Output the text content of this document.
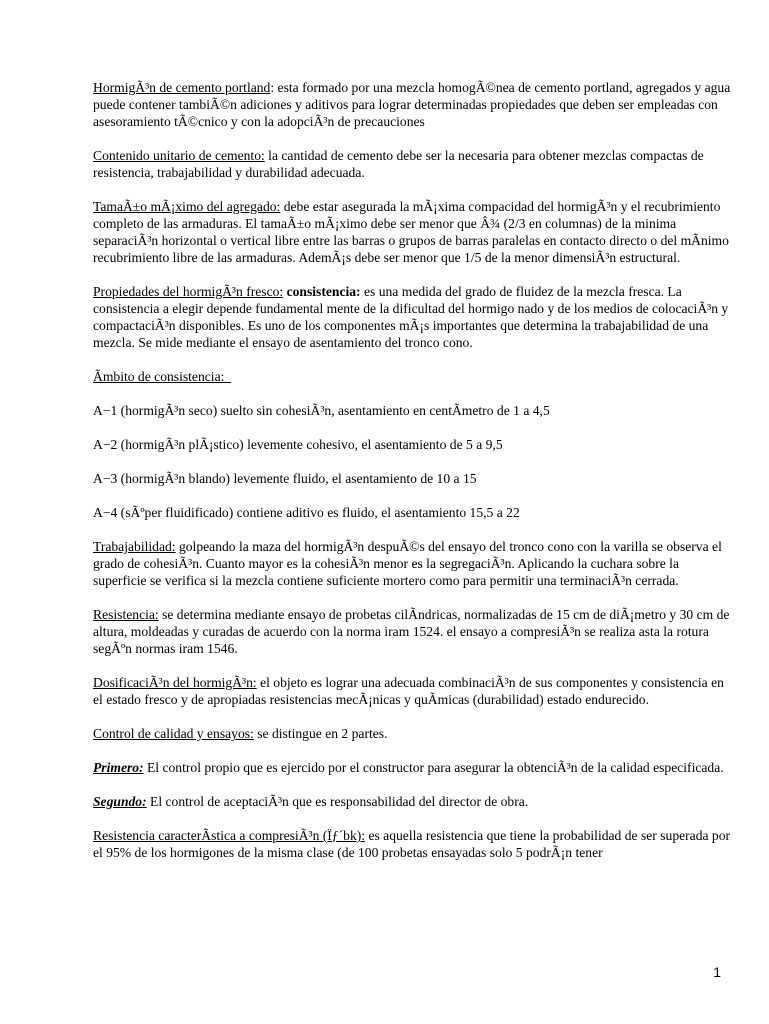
HormigÃ³n de cemento portland: esta formado por una mezcla homogÃ©nea de cemento portland, agregados y agua puede contener tambiÃ©n adiciones y aditivos para lograr determinadas propiedades que deben ser empleadas con asesoramiento tÃ©cnico y con la adopciÃ³n de precauciones

Contenido unitario de cemento: la cantidad de cemento debe ser la necesaria para obtener mezclas compactas de resistencia, trabajabilidad y durabilidad adecuada.

TamaÃ±o mÃ¡ximo del agregado: debe estar asegurada la mÃ¡xima compacidad del hormigÃ³n y el recubrimiento completo de las armaduras. El tamaÃ±o mÃ¡ximo debe ser menor que Â¾ (2/3 en columnas) de la minima separaciÃ³n horizontal o vertical libre entre las barras o grupos de barras paralelas en contacto directo o del mÃnimo recubrimiento libre de las armaduras. AdemÃ¡s debe ser menor que 1/5 de la menor dimensiÃ³n estructural.

Propiedades del hormigÃ³n fresco: consistencia: es una medida del grado de fluidez de la mezcla fresca. La consistencia a elegir depende fundamental mente de la dificultad del hormigo nado y de los medios de colocaciÃ³n y compactaciÃ³n disponibles. Es uno de los componentes mÃ¡s importantes que determina la trabajabilidad de una mezcla. Se mide mediante el ensayo de asentamiento del tronco cono.

Ãmbito de consistencia:

A−1 (hormigÃ³n seco) suelto sin cohesiÃ³n, asentamiento en centÃmetro de 1 a 4,5

A−2 (hormigÃ³n plÃ¡stico) levemente cohesivo, el asentamiento de 5 a 9,5

A−3 (hormigÃ³n blando) levemente fluido, el asentamiento de 10 a 15

A−4 (sÃºper fluidificado) contiene aditivo es fluido, el asentamiento 15,5 a 22

Trabajabilidad: golpeando la maza del hormigÃ³n despuÃ©s del ensayo del tronco cono con la varilla se observa el grado de cohesiÃ³n. Cuanto mayor es la cohesiÃ³n menor es la segregaciÃ³n. Aplicando la cuchara sobre la superficie se verifica si la mezcla contiene suficiente mortero como para permitir una terminaciÃ³n cerrada.

Resistencia: se determina mediante ensayo de probetas cilÃndricas, normalizadas de 15 cm de diÃ¡metro y 30 cm de altura, moldeadas y curadas de acuerdo con la norma iram 1524. el ensayo a compresiÃ³n se realiza asta la rotura segÃºn normas iram 1546.

DosificaciÃ³n del hormigÃ³n: el objeto es lograr una adecuada combinaciÃ³n de sus componentes y consistencia en el estado fresco y de apropiadas resistencias mecÃ¡nicas y quÃmicas (durabilidad) estado endurecido.

Control de calidad y ensayos: se distingue en 2 partes.

Primero: El control propio que es ejercido por el constructor para asegurar la obtenciÃ³n de la calidad especificada.

Segundo: El control de aceptaciÃ³n que es responsabilidad del director de obra.

Resistencia caracterÃstica a compresiÃ³n (Ïƒ´bk): es aquella resistencia que tiene la probabilidad de ser superada por el 95% de los hormigones de la misma clase (de 100 probetas ensayadas solo 5 podrÃ¡n tener

1
